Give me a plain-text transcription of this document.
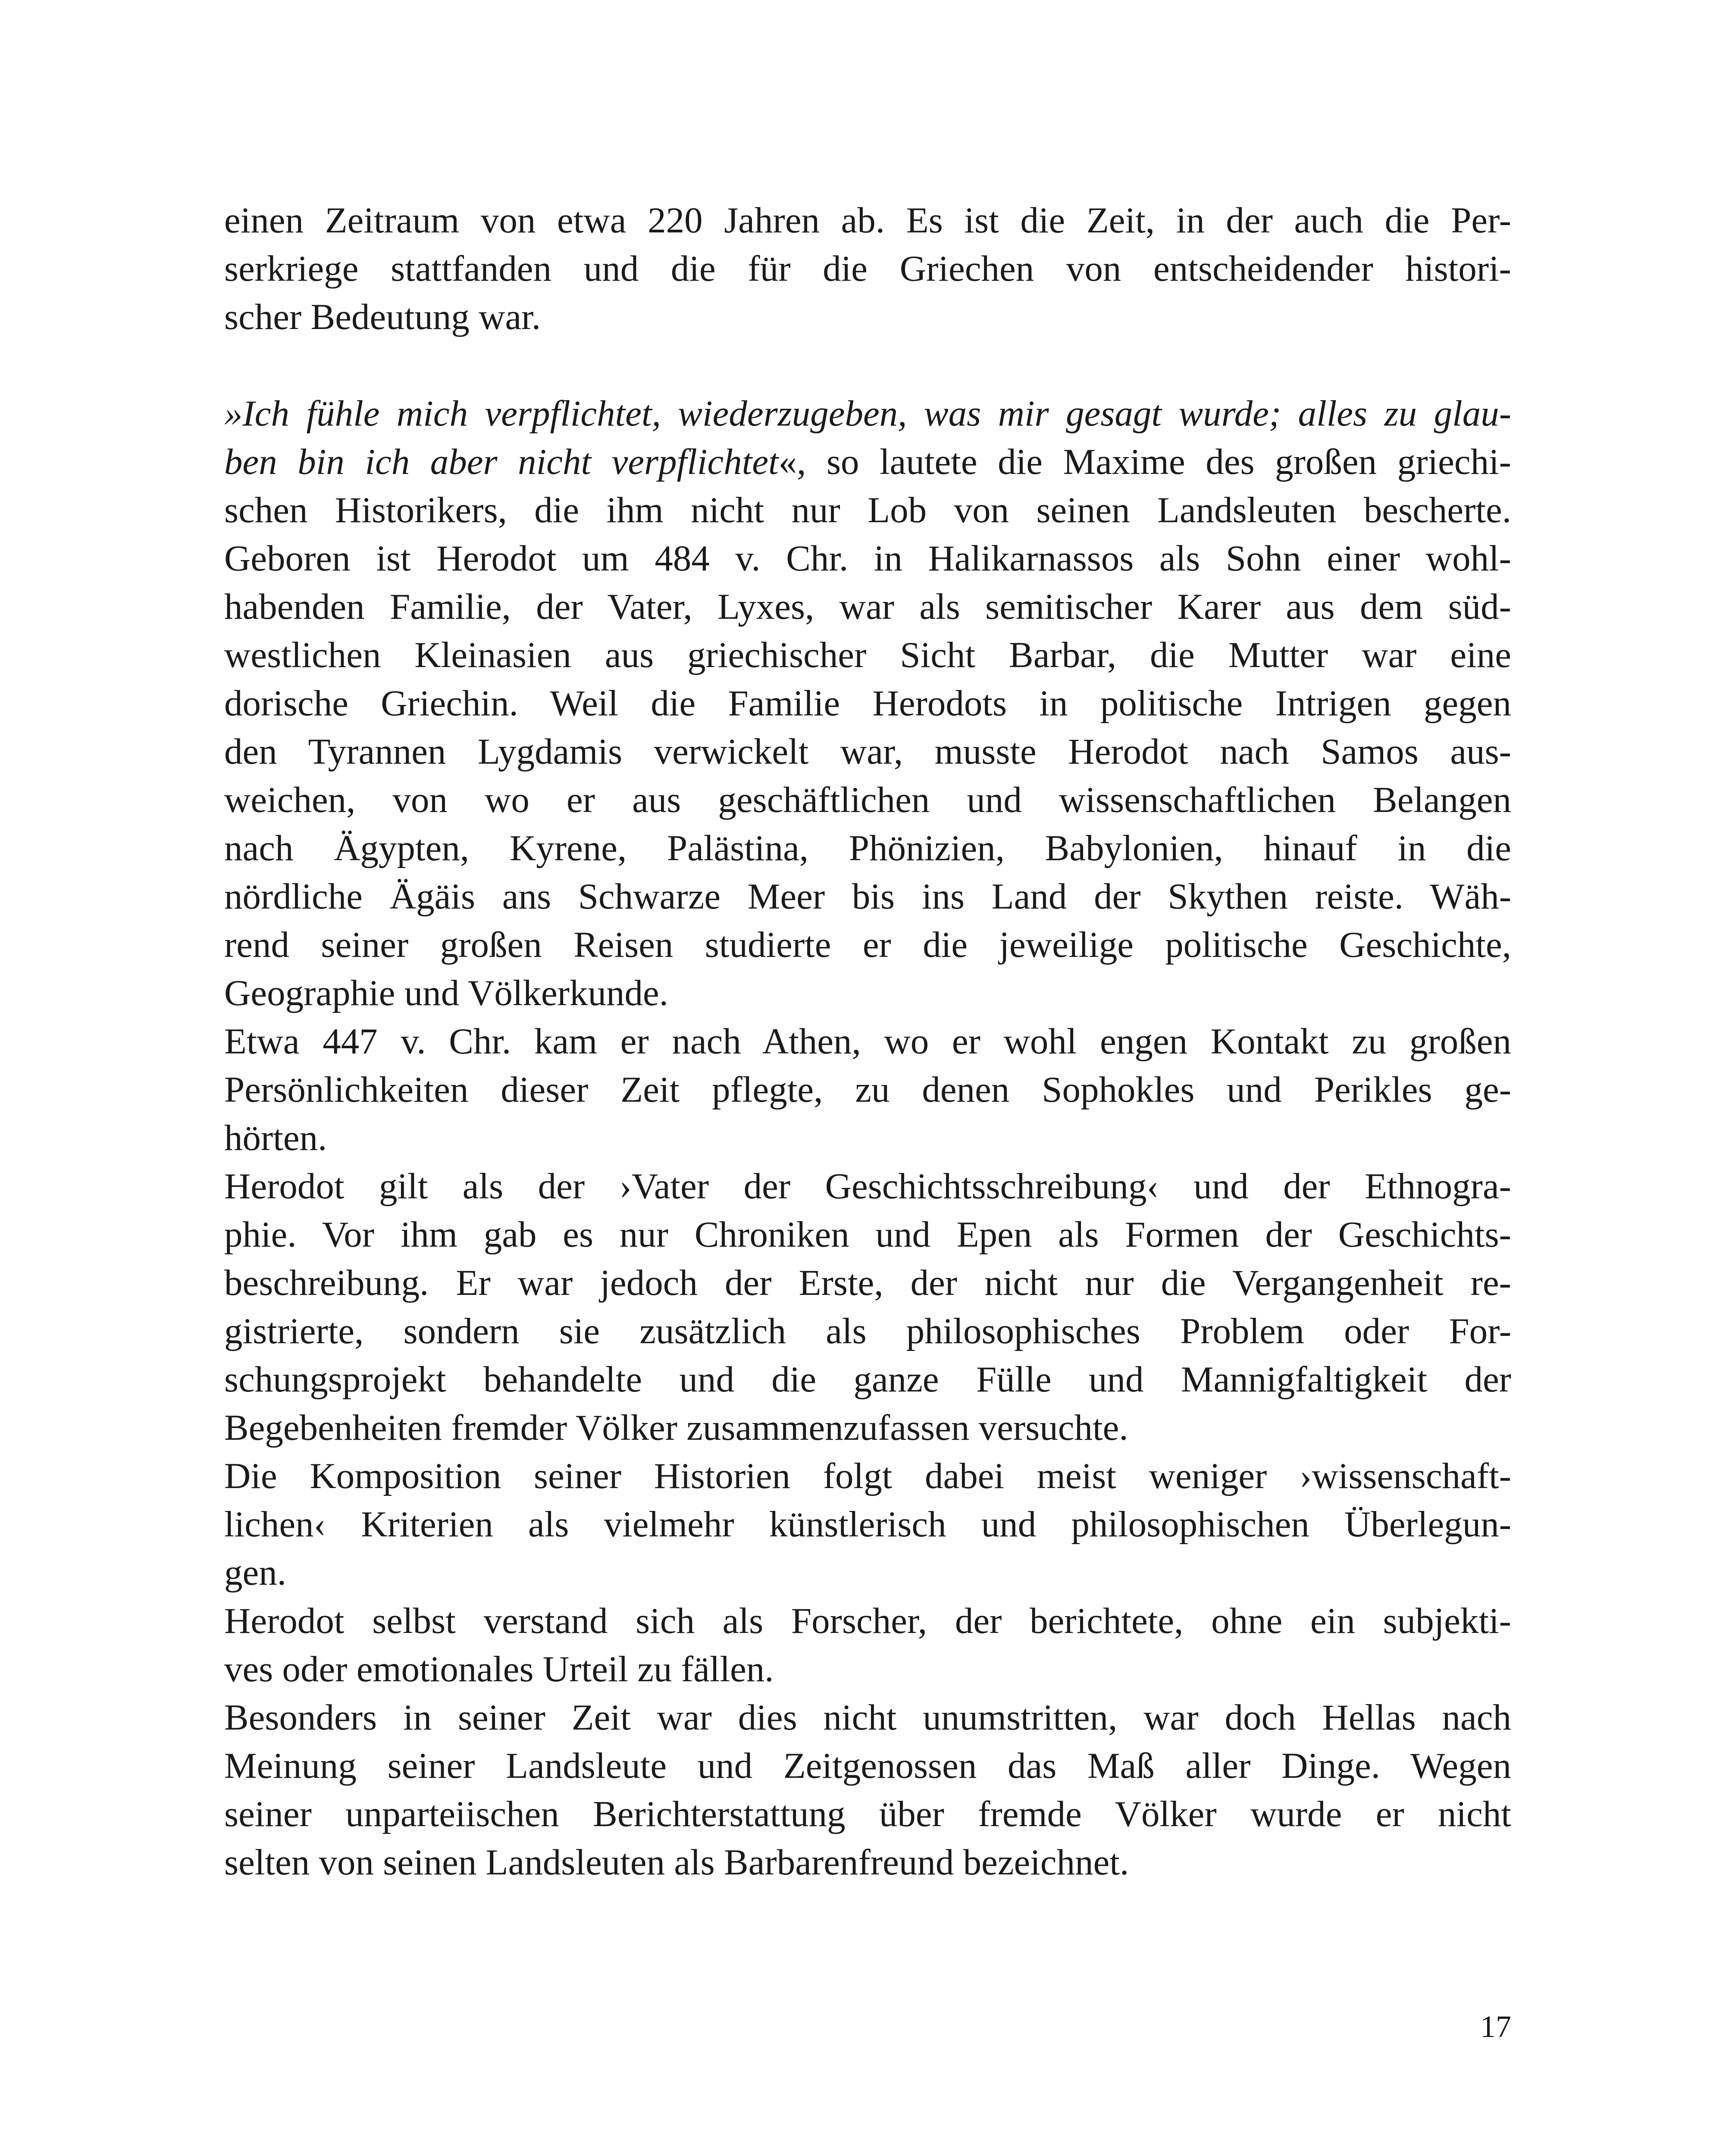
einen Zeitraum von etwa 220 Jahren ab. Es ist die Zeit, in der auch die Per-
serkriege stattfanden und die für die Griechen von entscheidender histori-
scher Bedeutung war.
»Ich fühle mich verpflichtet, wiederzugeben, was mir gesagt wurde; alles zu glau-
ben bin ich aber nicht verpflichtet«, so lautete die Maxime des großen griechi-
schen Historikers, die ihm nicht nur Lob von seinen Landsleuten bescherte.
Geboren ist Herodot um 484 v. Chr. in Halikarnassos als Sohn einer wohl-
habenden Familie, der Vater, Lyxes, war als semitischer Karer aus dem süd-
westlichen Kleinasien aus griechischer Sicht Barbar, die Mutter war eine
dorische Griechin. Weil die Familie Herodots in politische Intrigen gegen
den Tyrannen Lygdamis verwickelt war, musste Herodot nach Samos aus-
weichen, von wo er aus geschäftlichen und wissenschaftlichen Belangen
nach Ägypten, Kyrene, Palästina, Phönizien, Babylonien, hinauf in die
nördliche Ägäis ans Schwarze Meer bis ins Land der Skythen reiste. Wäh-
rend seiner großen Reisen studierte er die jeweilige politische Geschichte,
Geographie und Völkerkunde.
Etwa 447 v. Chr. kam er nach Athen, wo er wohl engen Kontakt zu großen
Persönlichkeiten dieser Zeit pflegte, zu denen Sophokles und Perikles ge-
hörten.
Herodot gilt als der ›Vater der Geschichtsschreibung‹ und der Ethnogra-
phie. Vor ihm gab es nur Chroniken und Epen als Formen der Geschichts-
beschreibung. Er war jedoch der Erste, der nicht nur die Vergangenheit re-
gistrierte, sondern sie zusätzlich als philosophisches Problem oder For-
schungsprojekt behandelte und die ganze Fülle und Mannigfaltigkeit der
Begebenheiten fremder Völker zusammenzufassen versuchte.
Die Komposition seiner Historien folgt dabei meist weniger ›wissenschaft-
lichen‹ Kriterien als vielmehr künstlerisch und philosophischen Überlegun-
gen.
Herodot selbst verstand sich als Forscher, der berichtete, ohne ein subjekti-
ves oder emotionales Urteil zu fällen.
Besonders in seiner Zeit war dies nicht unumstritten, war doch Hellas nach
Meinung seiner Landsleute und Zeitgenossen das Maß aller Dinge. Wegen
seiner unparteiischen Berichterstattung über fremde Völker wurde er nicht
selten von seinen Landsleuten als Barbarenfreund bezeichnet.
17
